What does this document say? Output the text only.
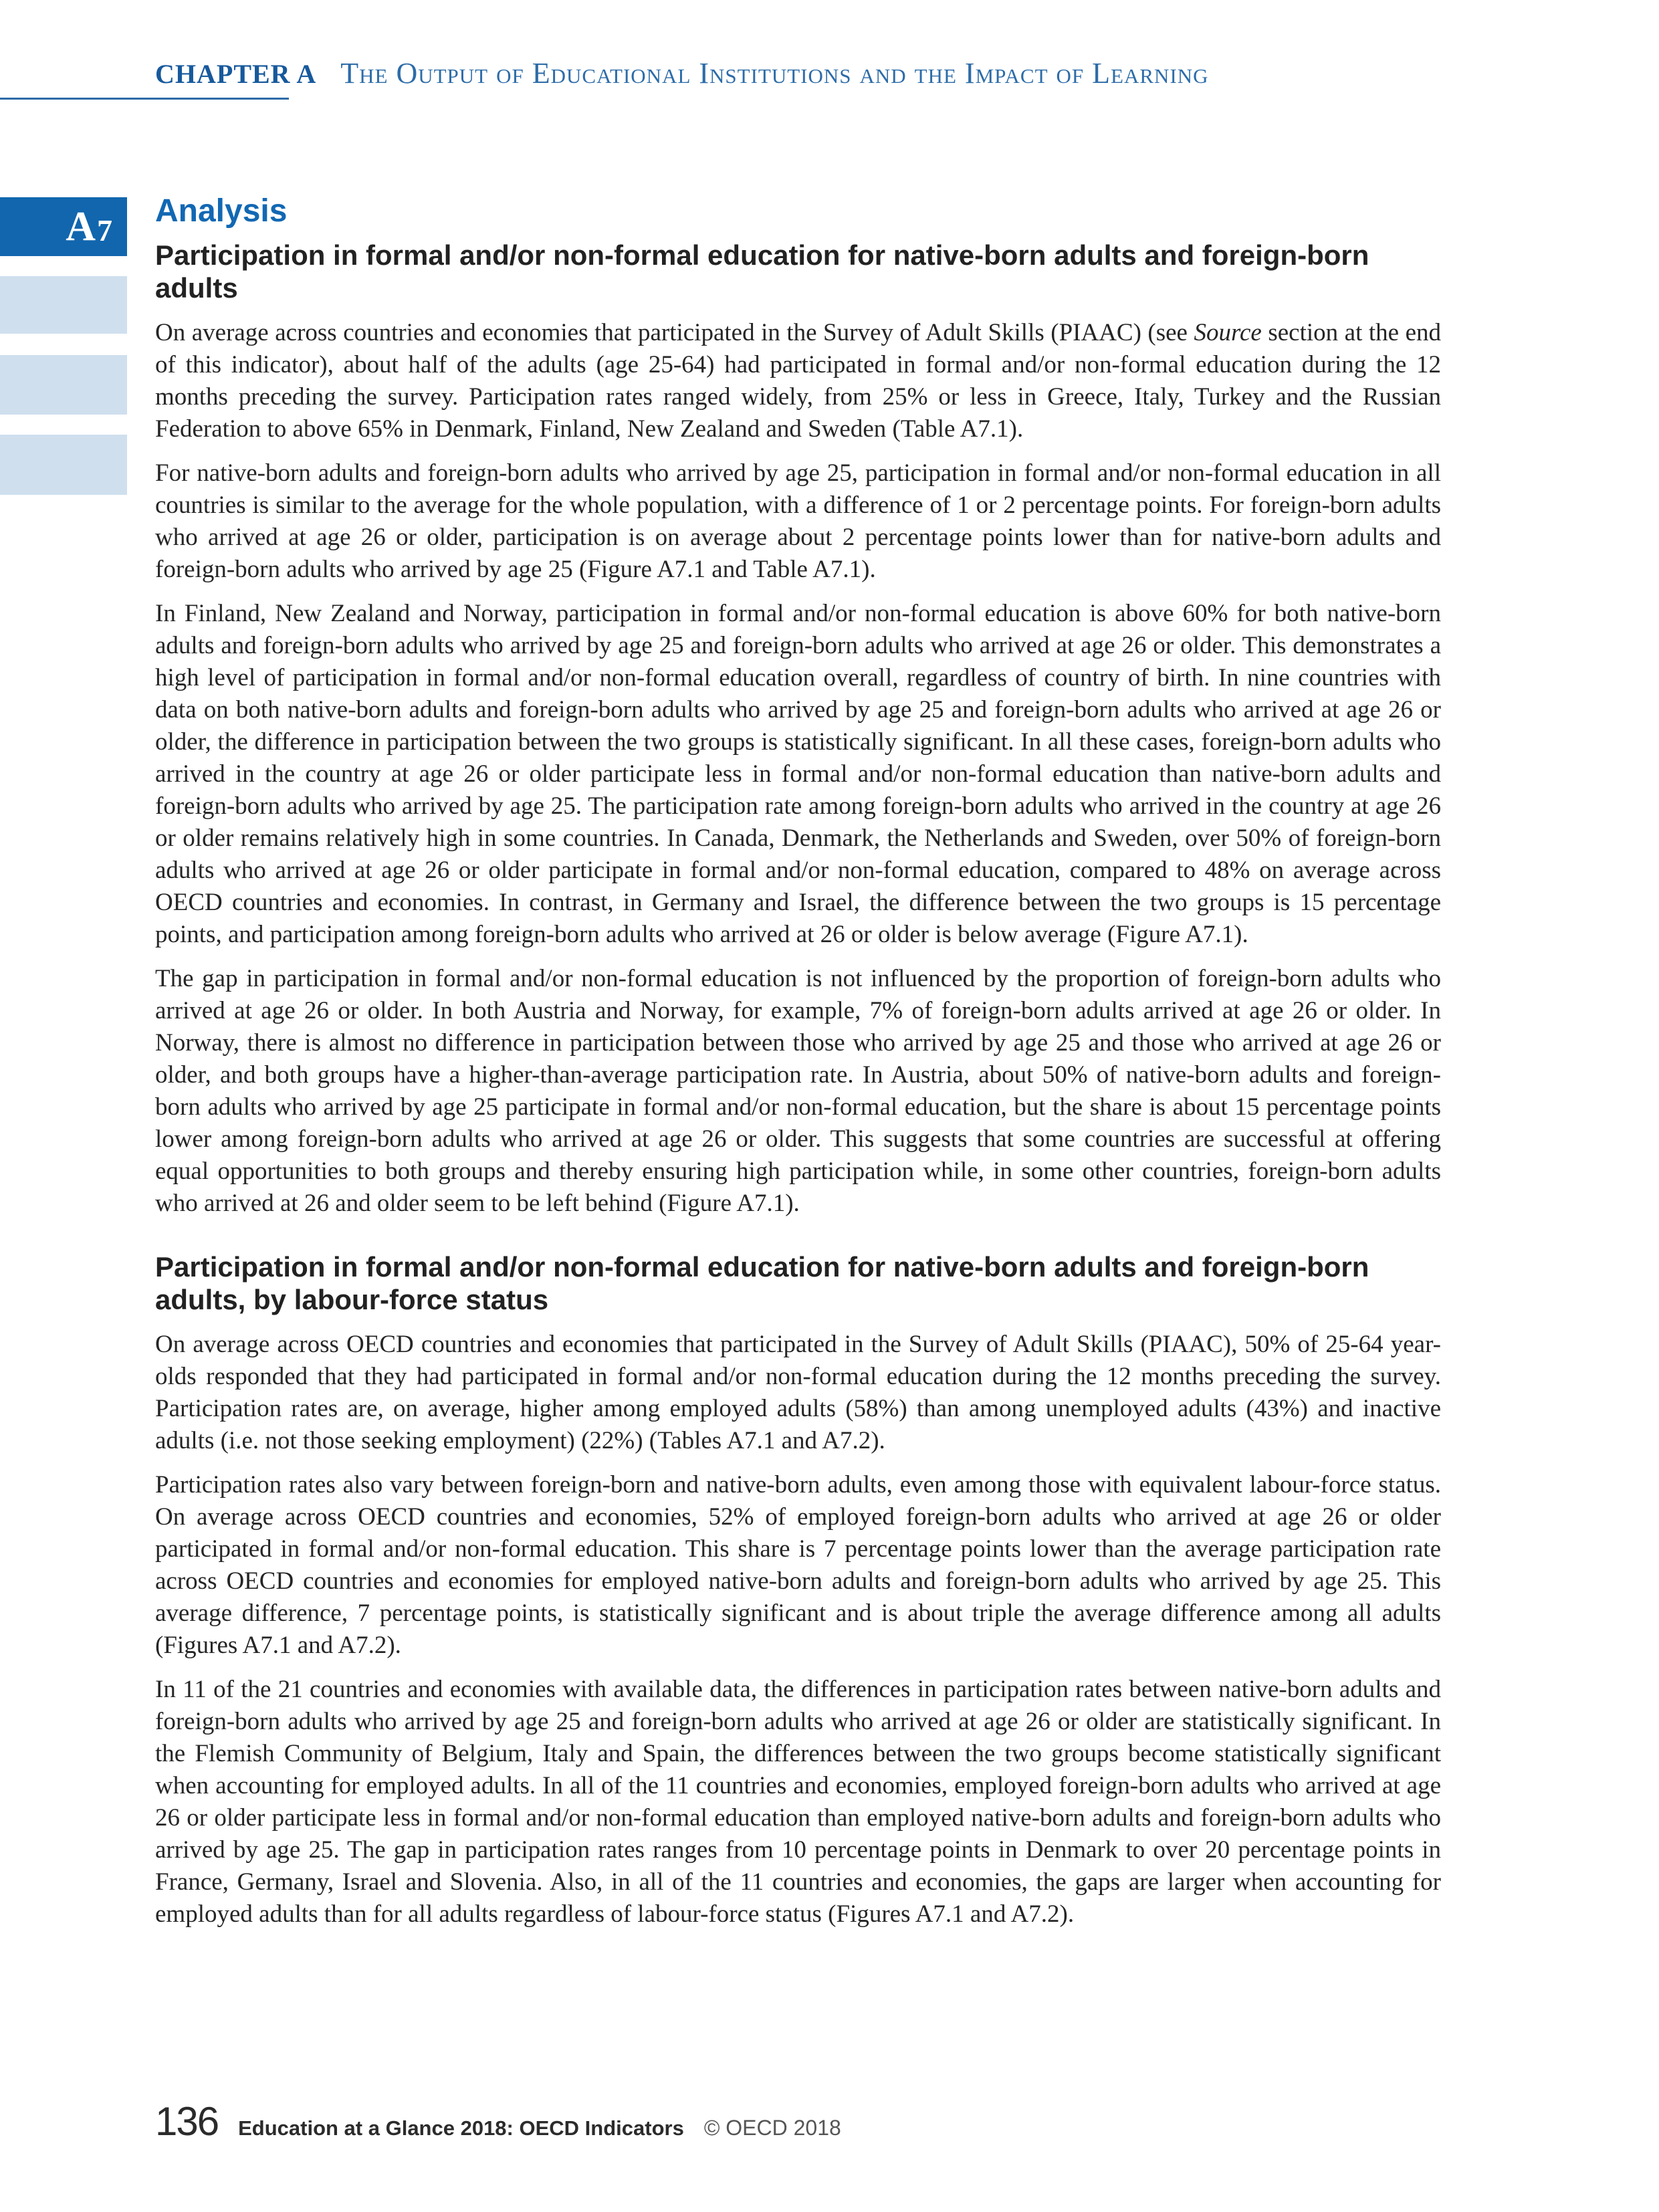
CHAPTER A The Output of Educational Institutions and the Impact of Learning
A 7
Analysis
Participation in formal and/or non-formal education for native-born adults and foreign-born adults

On average across countries and economies that participated in the Survey of Adult Skills (PIAAC) (see Source section at the end of this indicator), about half of the adults (age 25-64) had participated in formal and/or non-formal education during the 12 months preceding the survey. Participation rates ranged widely, from 25% or less in Greece, Italy, Turkey and the Russian Federation to above 65% in Denmark, Finland, New Zealand and Sweden (Table A7.1).

For native-born adults and foreign-born adults who arrived by age 25, participation in formal and/or non-formal education in all countries is similar to the average for the whole population, with a difference of 1 or 2 percentage points. For foreign-born adults who arrived at age 26 or older, participation is on average about 2 percentage points lower than for native-born adults and foreign-born adults who arrived by age 25 (Figure A7.1 and Table A7.1).

In Finland, New Zealand and Norway, participation in formal and/or non-formal education is above 60% for both native-born adults and foreign-born adults who arrived by age 25 and foreign-born adults who arrived at age 26 or older. This demonstrates a high level of participation in formal and/or non-formal education overall, regardless of country of birth. In nine countries with data on both native-born adults and foreign-born adults who arrived by age 25 and foreign-born adults who arrived at age 26 or older, the difference in participation between the two groups is statistically significant. In all these cases, foreign-born adults who arrived in the country at age 26 or older participate less in formal and/or non-formal education than native-born adults and foreign-born adults who arrived by age 25. The participation rate among foreign-born adults who arrived in the country at age 26 or older remains relatively high in some countries. In Canada, Denmark, the Netherlands and Sweden, over 50% of foreign-born adults who arrived at age 26 or older participate in formal and/or non-formal education, compared to 48% on average across OECD countries and economies. In contrast, in Germany and Israel, the difference between the two groups is 15 percentage points, and participation among foreign-born adults who arrived at 26 or older is below average (Figure A7.1).

The gap in participation in formal and/or non-formal education is not influenced by the proportion of foreign-born adults who arrived at age 26 or older. In both Austria and Norway, for example, 7% of foreign-born adults arrived at age 26 or older. In Norway, there is almost no difference in participation between those who arrived by age 25 and those who arrived at age 26 or older, and both groups have a higher-than-average participation rate. In Austria, about 50% of native-born adults and foreign-born adults who arrived by age 25 participate in formal and/or non-formal education, but the share is about 15 percentage points lower among foreign-born adults who arrived at age 26 or older. This suggests that some countries are successful at offering equal opportunities to both groups and thereby ensuring high participation while, in some other countries, foreign-born adults who arrived at 26 and older seem to be left behind (Figure A7.1).

Participation in formal and/or non-formal education for native-born adults and foreign-born adults, by labour-force status

On average across OECD countries and economies that participated in the Survey of Adult Skills (PIAAC), 50% of 25-64 year-olds responded that they had participated in formal and/or non-formal education during the 12 months preceding the survey. Participation rates are, on average, higher among employed adults (58%) than among unemployed adults (43%) and inactive adults (i.e. not those seeking employment) (22%) (Tables A7.1 and A7.2).

Participation rates also vary between foreign-born and native-born adults, even among those with equivalent labour-force status. On average across OECD countries and economies, 52% of employed foreign-born adults who arrived at age 26 or older participated in formal and/or non-formal education. This share is 7 percentage points lower than the average participation rate across OECD countries and economies for employed native-born adults and foreign-born adults who arrived by age 25. This average difference, 7 percentage points, is statistically significant and is about triple the average difference among all adults (Figures A7.1 and A7.2).

In 11 of the 21 countries and economies with available data, the differences in participation rates between native-born adults and foreign-born adults who arrived by age 25 and foreign-born adults who arrived at age 26 or older are statistically significant. In the Flemish Community of Belgium, Italy and Spain, the differences between the two groups become statistically significant when accounting for employed adults. In all of the 11 countries and economies, employed foreign-born adults who arrived at age 26 or older participate less in formal and/or non-formal education than employed native-born adults and foreign-born adults who arrived by age 25. The gap in participation rates ranges from 10 percentage points in Denmark to over 20 percentage points in France, Germany, Israel and Slovenia. Also, in all of the 11 countries and economies, the gaps are larger when accounting for employed adults than for all adults regardless of labour-force status (Figures A7.1 and A7.2).

136 Education at a Glance 2018: OECD Indicators © OECD 2018
